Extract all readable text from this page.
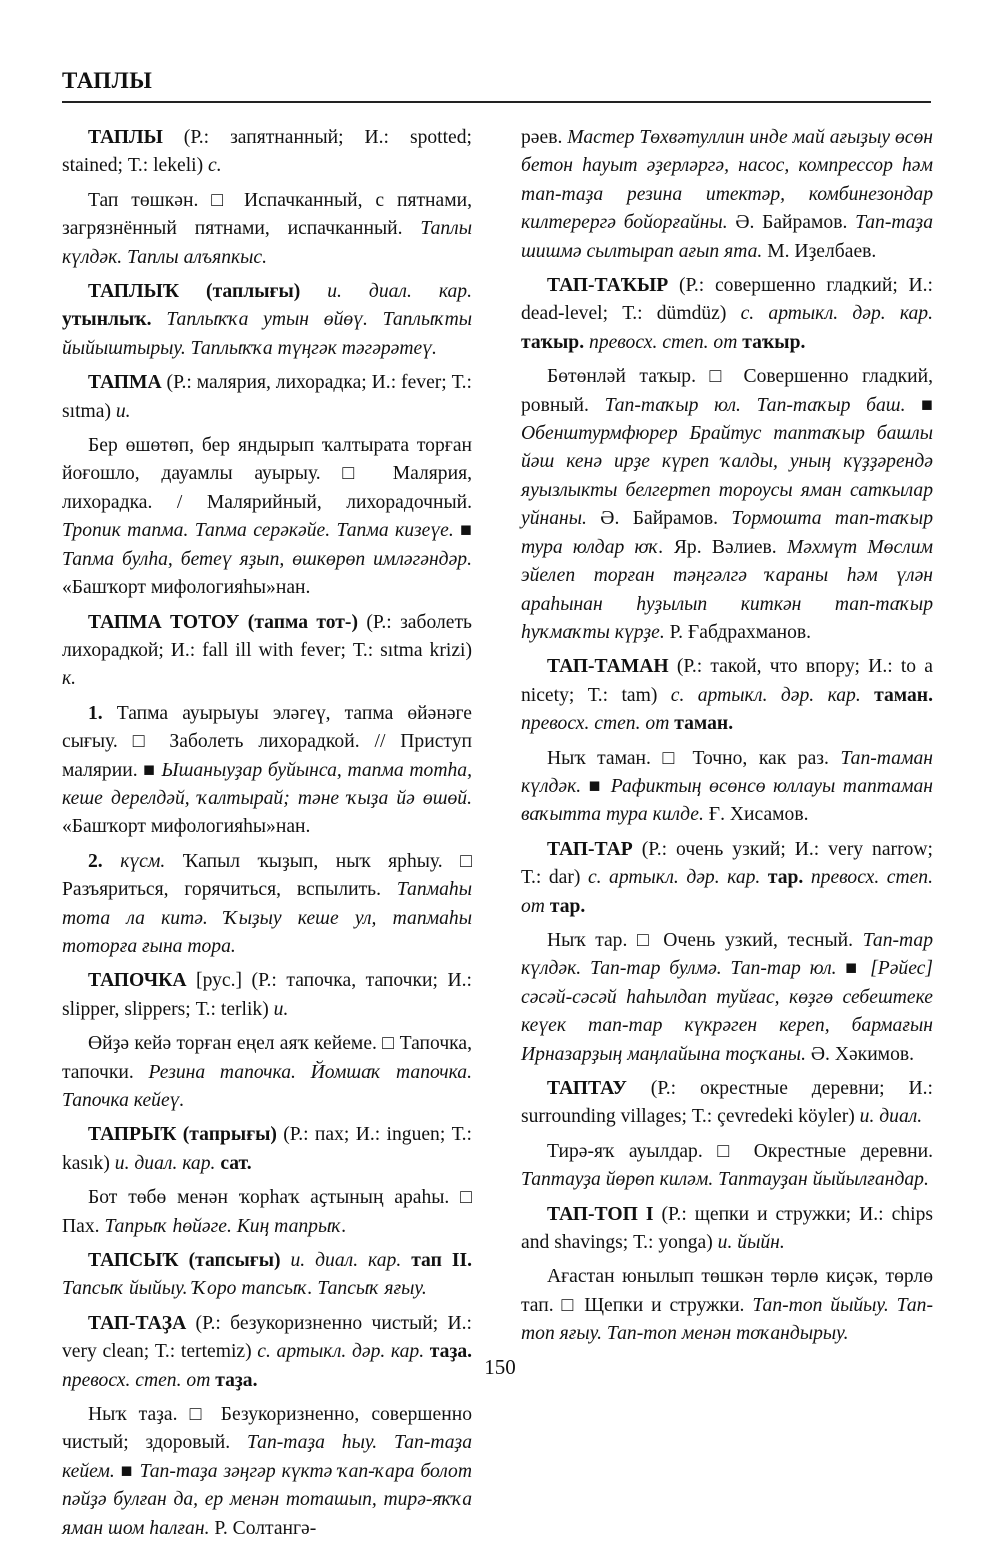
ТАПЛЫ

ТАПЛЫ (Р.: запятнанный; И.: spotted; stained; Т.: lekeli) с.

Тап төшкән. □ Испачканный, с пятнами, загрязнённый пятнами, испачканный. Таплы күлдәк. Таплы алъяпкыс.

ТАПЛЫҠ (таплығы) и. диал. кар. утынлыҡ. Таплыҡҡа утын өйөү. Таплыҡты йыйыштырыу. Таплыҡҡа түңгәк тәгәрәтеү.

ТАПМА (Р.: малярия, лихорадка; И.: fever; Т.: sıtma) и.

Бер өшөтөп, бер яндырып ҡалтырата торған йоғошло, дауамлы ауырыу. □ Малярия, лихорадка. / Малярийный, лихорадочный. Тропик тапма. Тапма серәкәйе. Тапма кизеүе. ■ Тапма булһа, бетеү яҙып, өшкөрөп имләгәндәр. «Башҡорт мифологияһы»нан.

ТАПМА ТОТОУ (тапма тот-) (Р.: заболеть лихорадкой; И.: fall ill with fever; Т.: sıtma krizi) к.

1. Тапма ауырыуы эләгеү, тапма өйәнәге сығыу. □ Заболеть лихорадкой. // Приступ малярии. ■ Ышаныуҙар буйынса, тапма тотһа, кеше дерелдәй, ҡалтырай; тәне ҡыҙа йә өшөй. «Башҡорт мифологияһы»нан.

2. күсм. Ҡапыл ҡыҙып, ныҡ ярһыу. □ Разъяриться, горячиться, вспылить. Тапмаһы тота ла китә. Ҡыҙыу кеше ул, тапмаһы тоторға ғына тора.

ТАПОЧКА [рус.] (Р.: тапочка, тапочки; И.: slipper, slippers; Т.: terlik) и.

Өйҙә кейә торған еңел аяҡ кейеме. □ Тапочка, тапочки. Резина тапочка. Йомшаҡ тапочка. Тапочка кейеү.

ТАПРЫҠ (тапрығы) (Р.: пах; И.: inguen; Т.: kasık) и. диал. кар. сат.

Бот төбө менән ҡорһаҡ аҫтының араһы. □ Пах. Тапрыҡ һөйәге. Киң тапрыҡ.

ТАПСЫҠ (тапсығы) и. диал. кар. тап II. Тапсыҡ йыйыу. Ҡоро тапсыҡ. Тапсыҡ яғыу.

ТАП-ТАҘА (Р.: безукоризненно чистый; И.: very clean; Т.: tertemiz) с. артыкл. дәр. кар. таҙа. превосх. степ. от таҙа.

Ныҡ таҙа. □ Безукоризненно, совершенно чистый; здоровый. Тап-таҙа һыу. Тап-таҙа кейем. ■ Тап-таҙа зәңгәр күктә ҡап-ҡара болот пәйҙә булған да, ер менән тоташып, тирә-яҡҡа яман шом һалған. Р. Солтангә-

рәев. Мастер Төхвәтуллин инде май ағыҙыу өсөн бетон һауыт әҙерләргә, насос, компрессор һәм тап-таҙа резина итектәр, комбинезондар килтерергә бойорғайны. Ә. Байрамов. Тап-таҙа шишмә сылтырап ағып ята. М. Иҙелбаев.

ТАП-ТАҠЫР (Р.: совершенно гладкий; И.: dead-level; Т.: dümdüz) с. артыкл. дәр. кар. таҡыр. превосх. степ. от таҡыр.

Бөтөнләй таҡыр. □ Совершенно гладкий, ровный. Тап-таҡыр юл. Тап-таҡыр баш. ■ Обенштурмфюрер Брайтус таптаҡыр башлы йәш кенә ирҙе күреп ҡалды, уның күҙҙәрендә яуызлыкты белгертеп тороусы яман саткылар уйнаны. Ә. Байрамов. Тормошта тап-таҡыр тура юлдар юҡ. Яр. Вәлиев. Мәхмүт Мөслим эйелеп торған тәңгәлгә ҡараны һәм үлән араһынан һуҙылып киткән тап-таҡыр һуҡмаҡты күрҙе. Р. Ғабдрахманов.

ТАП-ТАМАН (Р.: такой, что впору; И.: to a nicety; Т.: tam) с. артыкл. дәр. кар. таман. превосх. степ. от таман.

Ныҡ таман. □ Точно, как раз. Тап-таман күлдәк. ■ Рафиктың өсөнсө юллауы таптаман ваҡытта тура килде. Ғ. Хисамов.

ТАП-ТАР (Р.: очень узкий; И.: very narrow; Т.: dar) с. артыкл. дәр. кар. тар. превосх. степ. от тар.

Ныҡ тар. □ Очень узкий, тесный. Тап-тар күлдәк. Тап-тар булмә. Тап-тар юл. ■ [Рәйес] сәсәй-сәсәй һаһылдап туйғас, көҙгө себештеке кеүек тап-тар күкрәген кереп, бармағын Ирназарҙың маңлайына тоҫҡаны. Ә. Хәкимов.

ТАПТАУ (Р.: окрестные деревни; И.: surrounding villages; Т.: çevredeki köyler) и. диал.

Тирә-яҡ ауылдар. □ Окрестные деревни. Таптауҙа йөрөп киләм. Таптауҙан йыйылғандар.

ТАП-ТОП I (Р.: щепки и стружки; И.: chips and shavings; Т.: yonga) и. йыйн.

Ағастан юнылып төшкән төрлө киҫәк, төрлө тап. □ Щепки и стружки. Тап-топ йыйыу. Тап-топ яғыу. Тап-топ менән тоҡандырыу.

150
